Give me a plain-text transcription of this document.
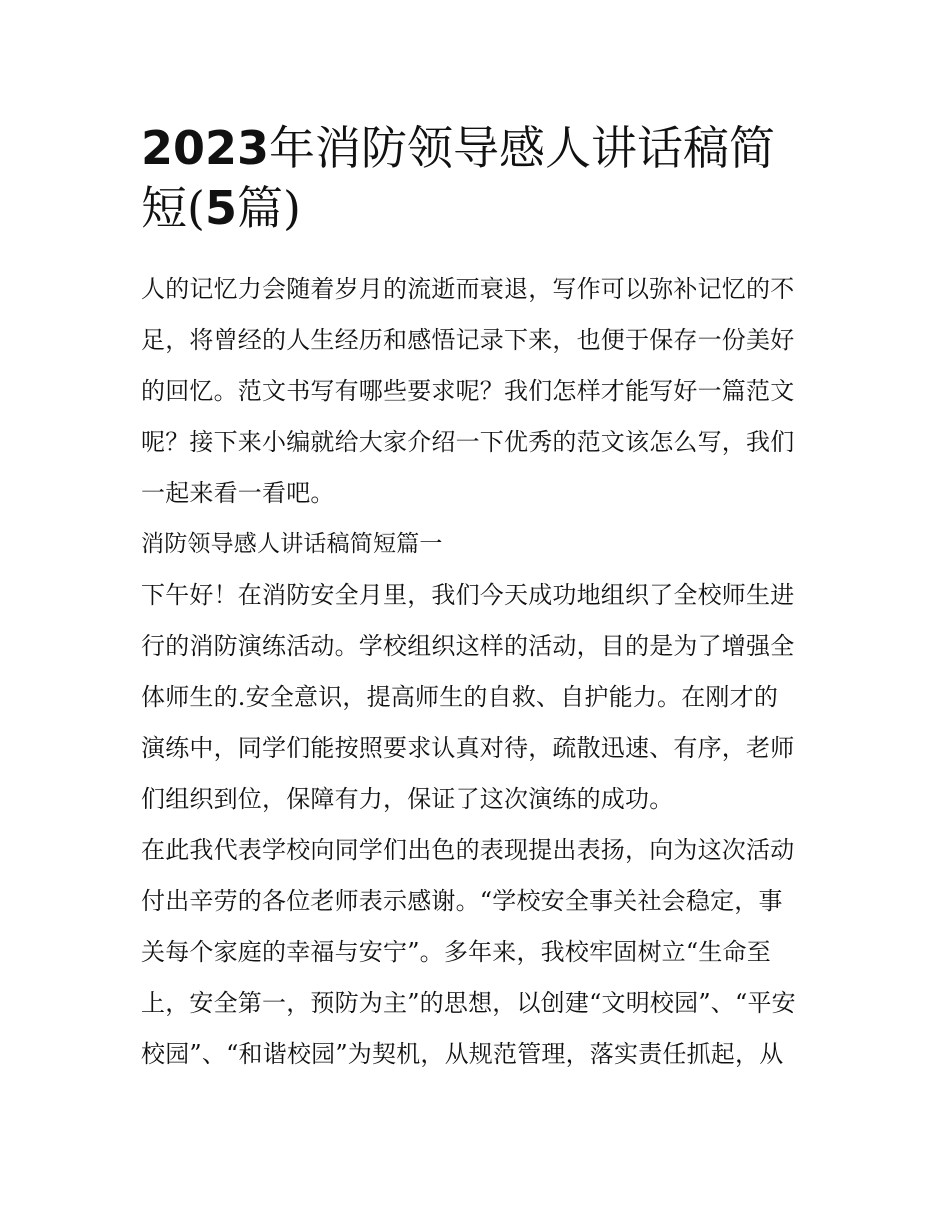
2023年消防领导感人讲话稿简
短(5篇)

人的记忆力会随着岁月的流逝而衰退，写作可以弥补记忆的不
足，将曾经的人生经历和感悟记录下来，也便于保存一份美好
的回忆。范文书写有哪些要求呢？我们怎样才能写好一篇范文
呢？接下来小编就给大家介绍一下优秀的范文该怎么写，我们
一起来看一看吧。

消防领导感人讲话稿简短篇一

下午好！在消防安全月里，我们今天成功地组织了全校师生进
行的消防演练活动。学校组织这样的活动，目的是为了增强全
体师生的.安全意识，提高师生的自救、自护能力。在刚才的
演练中，同学们能按照要求认真对待，疏散迅速、有序，老师
们组织到位，保障有力，保证了这次演练的成功。

在此我代表学校向同学们出色的表现提出表扬，向为这次活动
付出辛劳的各位老师表示感谢。“学校安全事关社会稳定，事
关每个家庭的幸福与安宁”。多年来，我校牢固树立“生命至
上，安全第一，预防为主”的思想，以创建“文明校园”、“平安
校园”、“和谐校园”为契机，从规范管理，落实责任抓起，从
